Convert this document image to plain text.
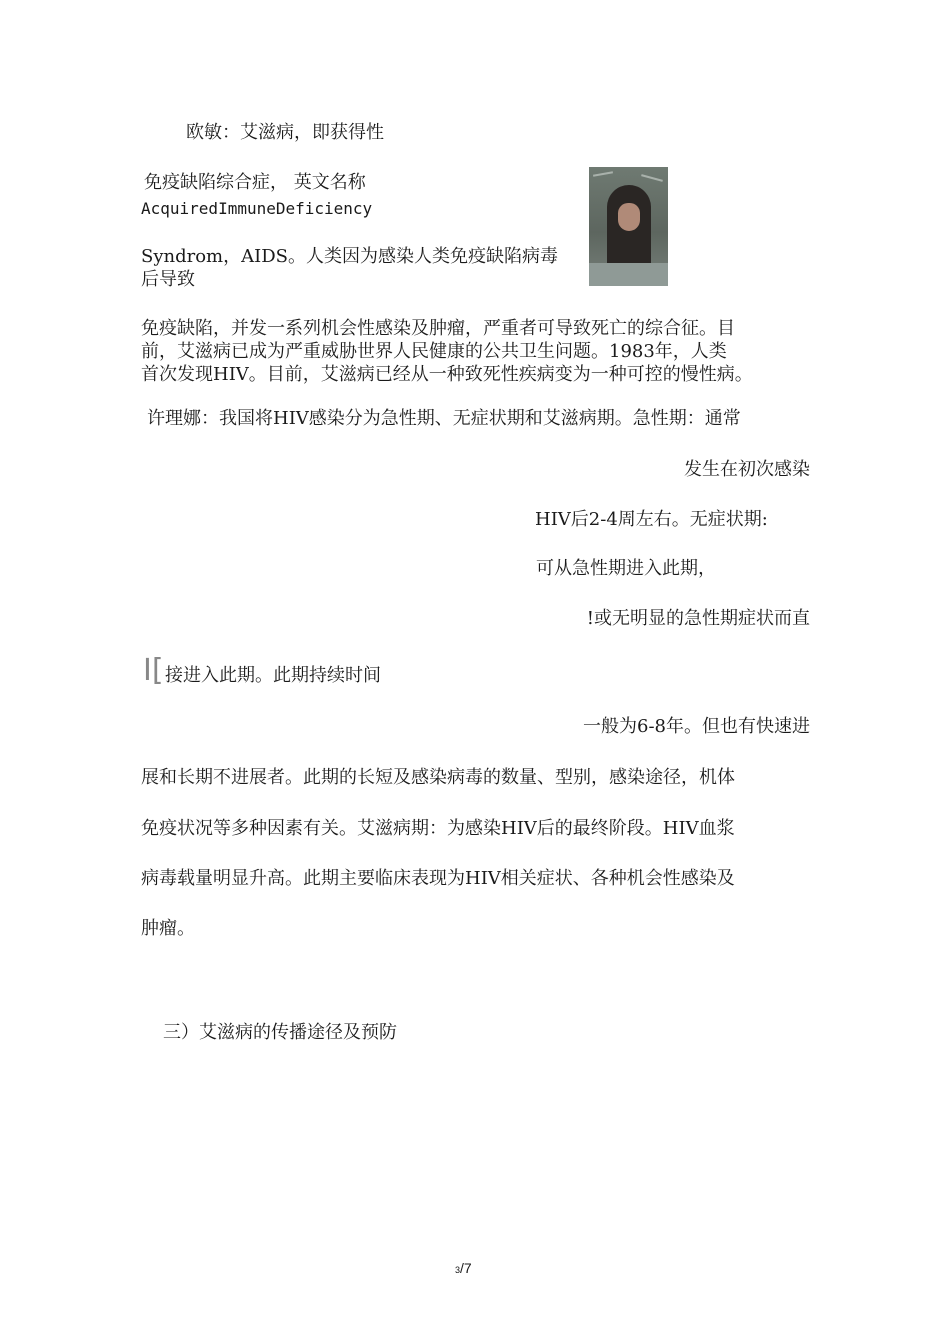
欧敏：艾滋病，即获得性
免疫缺陷综合症， 英文名称
AcquiredImmuneDeficiency
Syndrom，AIDS。人类因为感染人类免疫缺陷病毒
后导致
免疫缺陷，并发一系列机会性感染及肿瘤，严重者可导致死亡的综合征。目
前，艾滋病已成为严重威胁世界人民健康的公共卫生问题。1983年，人类
首次发现HIV。目前，艾滋病已经从一种致死性疾病变为一种可控的慢性病。
许理娜：我国将HIV感染分为急性期、无症状期和艾滋病期。急性期：通常
发生在初次感染
HIV后2-4周左右。无症状期:
可从急性期进入此期，
!或无明显的急性期症状而直
I[ 接进入此期。此期持续时间
一般为6-8年。但也有快速进
展和长期不进展者。此期的长短及感染病毒的数量、型别，感染途径，机体
免疫状况等多种因素有关。艾滋病期：为感染HIV后的最终阶段。HIV血浆
病毒载量明显升高。此期主要临床表现为HIV相关症状、各种机会性感染及
肿瘤。
三）艾滋病的传播途径及预防
3/7
